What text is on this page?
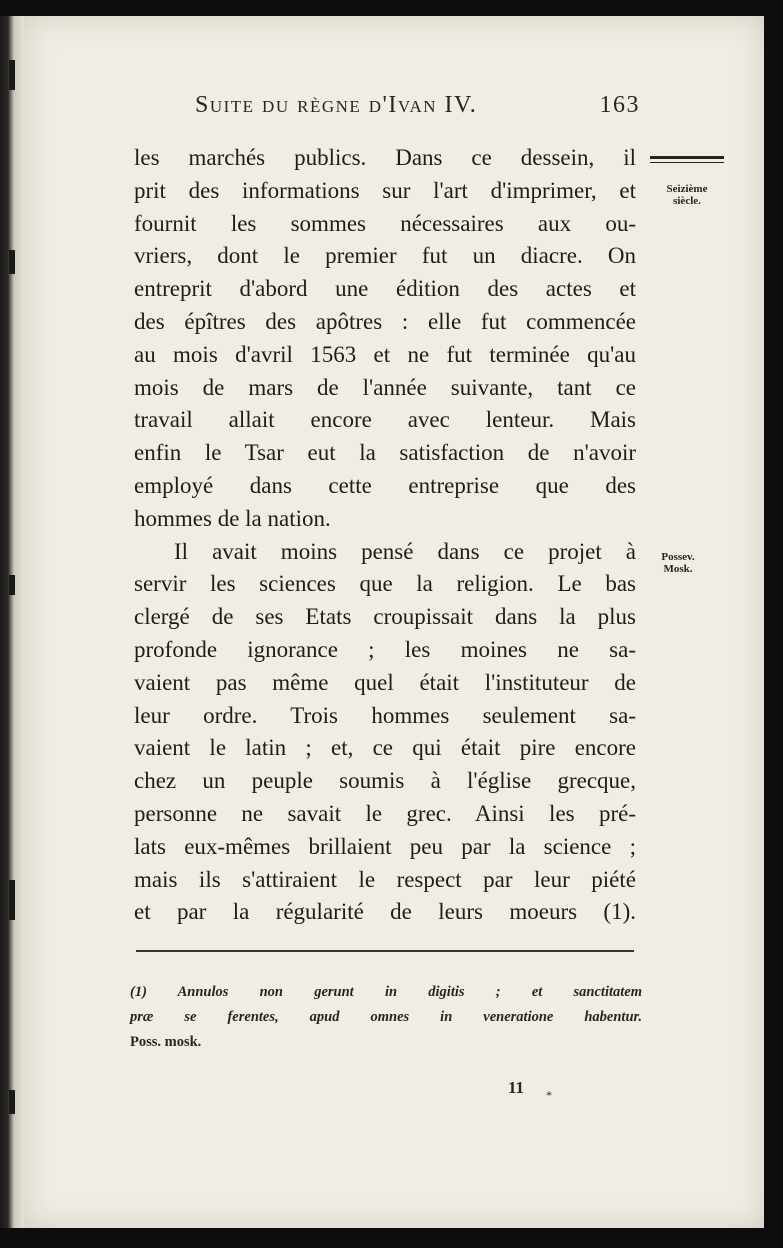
Suite du règne d'Ivan IV.	163
Seizième
siècle.
Possev.
Mosk.
les marchés publics. Dans ce dessein, il
prit des informations sur l'art d'imprimer, et
fournit les sommes nécessaires aux ou-
vriers, dont le premier fut un diacre. On
entreprit d'abord une édition des actes et
des épîtres des apôtres : elle fut commencée
au mois d'avril 1563 et ne fut terminée qu'au
mois de mars de l'année suivante, tant ce
travail allait encore avec lenteur. Mais
enfin le Tsar eut la satisfaction de n'avoir
employé dans cette entreprise que des
hommes de la nation.
Il avait moins pensé dans ce projet à
servir les sciences que la religion. Le bas
clergé de ses Etats croupissait dans la plus
profonde ignorance ; les moines ne sa-
vaient pas même quel était l'instituteur de
leur ordre. Trois hommes seulement sa-
vaient le latin ; et, ce qui était pire encore
chez un peuple soumis à l'église grecque,
personne ne savait le grec. Ainsi les pré-
lats eux-mêmes brillaient peu par la science ;
mais ils s'attiraient le respect par leur piété
et par la régularité de leurs moeurs (1).
(1) Annulos non gerunt in digitis ; et sanctitatem
præ se ferentes, apud omnes in veneratione habentur.
Poss. mosk.
11 *
